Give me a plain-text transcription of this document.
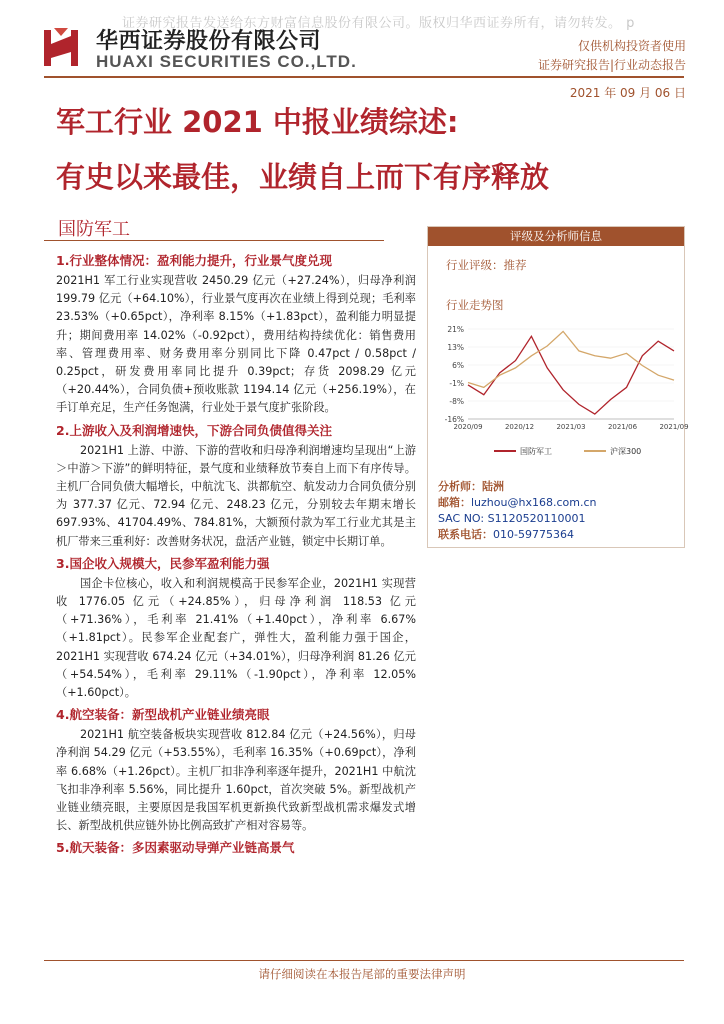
证券研究报告发送给东方财富信息股份有限公司。版权归华西证券所有，请勿转发。 p
华西证券股份有限公司
HUAXI SECURITIES CO.,LTD.
仅供机构投资者使用
证券研究报告|行业动态报告
2021 年 09 月 06 日
军工行业 2021 中报业绩综述:
有史以来最佳，业绩自上而下有序释放
国防军工
1.行业整体情况：盈利能力提升，行业景气度兑现

2021H1 军工行业实现营收 2450.29 亿元（+27.24%），归母净利润 199.79 亿元（+64.10%），行业景气度再次在业绩上得到兑现；毛利率 23.53%（+0.65pct），净利率 8.15%（+1.83pct），盈利能力明显提升；期间费用率 14.02%（-0.92pct），费用结构持续优化：销售费用率、管理费用率、财务费用率分别同比下降 0.47pct / 0.58pct / 0.25pct，研发费用率同比提升 0.39pct；存货 2098.29 亿元（+20.44%），合同负债+预收账款 1194.14 亿元（+256.19%），在手订单充足，生产任务饱满，行业处于景气度扩张阶段。

2.上游收入及利润增速快，下游合同负债值得关注

2021H1 上游、中游、下游的营收和归母净利润增速均呈现出“上游＞中游＞下游”的鲜明特征，景气度和业绩释放节奏自上而下有序传导。主机厂合同负债大幅增长，中航沈飞、洪都航空、航发动力合同负债分别为 377.37 亿元、72.94 亿元、248.23 亿元，分别较去年期末增长 697.93%、41704.49%、784.81%，大额预付款为军工行业尤其是主机厂带来三重利好：改善财务状况，盘活产业链，锁定中长期订单。

3.国企收入规模大，民参军盈利能力强

国企卡位核心，收入和利润规模高于民参军企业，2021H1 实现营收 1776.05 亿元（+24.85%），归母净利润 118.53 亿元（+71.36%），毛利率 21.41%（+1.40pct），净利率 6.67%（+1.81pct）。民参军企业配套广，弹性大，盈利能力强于国企，2021H1 实现营收 674.24 亿元（+34.01%），归母净利润 81.26 亿元（+54.54%），毛利率 29.11%（-1.90pct），净利率 12.05%（+1.60pct）。

4.航空装备：新型战机产业链业绩亮眼

2021H1 航空装备板块实现营收 812.84 亿元（+24.56%），归母净利润 54.29 亿元（+53.55%），毛利率 16.35%（+0.69pct），净利率 6.68%（+1.26pct）。主机厂扣非净利率逐年提升，2021H1 中航沈飞扣非净利率 5.56%，同比提升 1.60pct，首次突破 5%。新型战机产业链业绩亮眼，主要原因是我国军机更新换代致新型战机需求爆发式增长、新型战机供应链外协比例高致扩产相对容易等。

5.航天装备：多因素驱动导弹产业链高景气
评级及分析师信息
行业评级：推荐
行业走势图
21%
13%
6%
-1%
-8%
-16%
2020/09	2020/12	2021/03	2021/06	2021/09
国防军工	沪深300
分析师：陆洲
邮箱：luzhou@hx168.com.cn
SAC NO: S1120520110001
联系电话：010-59775364
请仔细阅读在本报告尾部的重要法律声明
